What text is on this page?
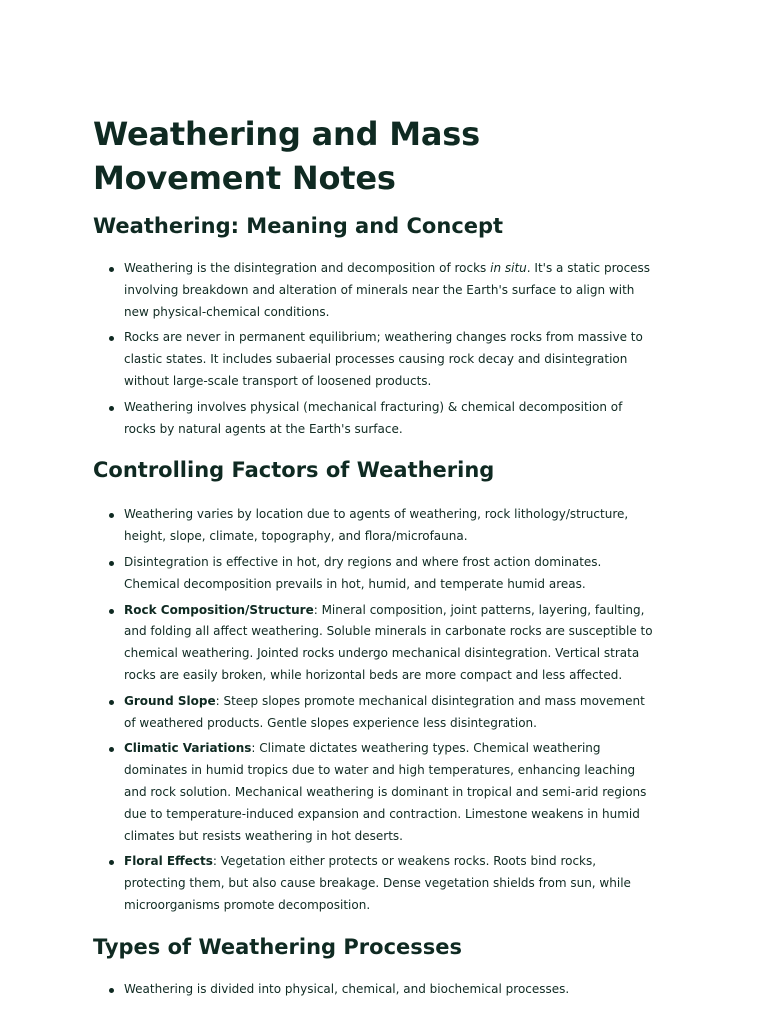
Weathering and Mass Movement Notes
Weathering: Meaning and Concept
Weathering is the disintegration and decomposition of rocks in situ. It's a static process involving breakdown and alteration of minerals near the Earth's surface to align with new physical-chemical conditions.
Rocks are never in permanent equilibrium; weathering changes rocks from massive to clastic states. It includes subaerial processes causing rock decay and disintegration without large-scale transport of loosened products.
Weathering involves physical (mechanical fracturing) & chemical decomposition of rocks by natural agents at the Earth's surface.
Controlling Factors of Weathering
Weathering varies by location due to agents of weathering, rock lithology/structure, height, slope, climate, topography, and flora/microfauna.
Disintegration is effective in hot, dry regions and where frost action dominates. Chemical decomposition prevails in hot, humid, and temperate humid areas.
Rock Composition/Structure: Mineral composition, joint patterns, layering, faulting, and folding all affect weathering. Soluble minerals in carbonate rocks are susceptible to chemical weathering. Jointed rocks undergo mechanical disintegration. Vertical strata rocks are easily broken, while horizontal beds are more compact and less affected.
Ground Slope: Steep slopes promote mechanical disintegration and mass movement of weathered products. Gentle slopes experience less disintegration.
Climatic Variations: Climate dictates weathering types. Chemical weathering dominates in humid tropics due to water and high temperatures, enhancing leaching and rock solution. Mechanical weathering is dominant in tropical and semi-arid regions due to temperature-induced expansion and contraction. Limestone weakens in humid climates but resists weathering in hot deserts.
Floral Effects: Vegetation either protects or weakens rocks. Roots bind rocks, protecting them, but also cause breakage. Dense vegetation shields from sun, while microorganisms promote decomposition.
Types of Weathering Processes
Weathering is divided into physical, chemical, and biochemical processes.
